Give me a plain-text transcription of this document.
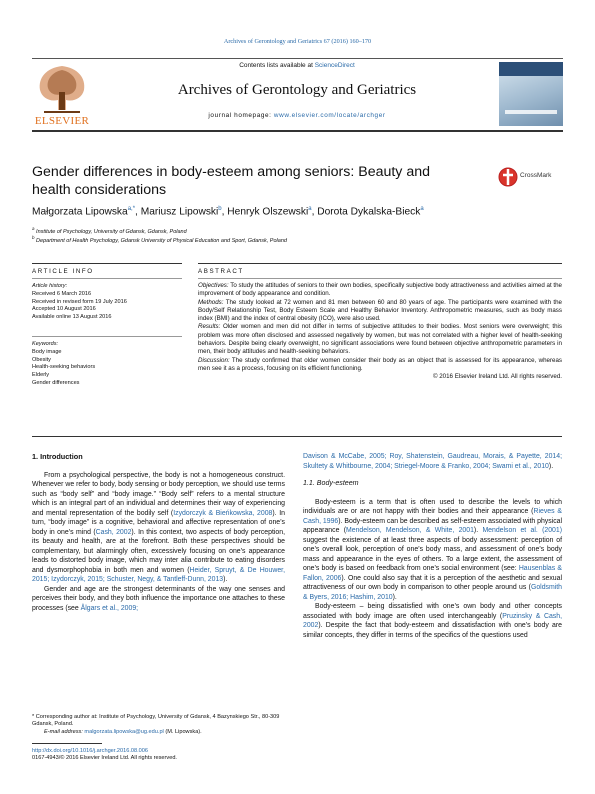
Archives of Gerontology and Geriatrics 67 (2016) 160–170
ELSEVIER
Contents lists available at ScienceDirect
Archives of Gerontology and Geriatrics
journal homepage: www.elsevier.com/locate/archger
Gender differences in body-esteem among seniors: Beauty and health considerations
CrossMark
Małgorzata Lipowska$^{a,*}$, Mariusz Lipowski$^b$, Henryk Olszewski$^a$, Dorota Dykalska-Bieck$^a$
$^a$ Institute of Psychology, University of Gdansk, Gdansk, Poland
$^b$ Department of Health Psychology, Gdansk University of Physical Education and Sport, Gdansk, Poland
ARTICLE INFO	ABSTRACT
Article history:
Received 6 March 2016
Received in revised form 19 July 2016
Accepted 10 August 2016
Available online 13 August 2016
Keywords:
Body image
Obesity
Health-seeking behaviors
Elderly
Gender differences

Objectives: To study the attitudes of seniors to their own bodies, specifically subjective body attractiveness and activities aimed at the improvement of body appearance and condition.

Methods: The study looked at 72 women and 81 men between 60 and 80 years of age. The participants were examined with the Body/Self Relationship Test, Body Esteem Scale and Healthy Behavior Inventory. Anthropometric measures, such as body mass index (BMI) and the index of central obesity (ICO), were also used.

Results: Older women and men did not differ in terms of subjective attitudes to their bodies. Most seniors were overweight; this problem was more often disclosed and assessed negatively by women, but was not correlated with a higher level of health-seeking behaviors. Despite being clearly overweight, no significant associations were found between objective anthropometric parameters in men, their body attitudes and health-seeking behaviors.

Discussion: The study confirmed that older women consider their body as an object that is assessed for its appearance, whereas men see it as a process, focusing on its efficient functioning.

© 2016 Elsevier Ireland Ltd. All rights reserved.

1. Introduction

From a psychological perspective, the body is not a homogeneous construct. Whenever we refer to body, body sensing or body perception, we should use terms such as “body self” and “body image.” “Body self” refers to a mental structure which is an integral part of an individual and determines their way of experiencing and mental representation of the bodily self (Izydorczyk & Bieńkowska, 2008). In turn, “body image” is a cognitive, behavioral and affective representation of one’s body in one’s mind (Cash, 2002). In this context, two aspects of body perception, its beauty and health, are at the forefront. Both these perspectives should be complementary, but alarmingly often, excessively focusing on one’s appearance leads to distorted body image, which may inter alia contribute to eating disorders and dysmorphophobia in both men and women (Heider, Spruyt, & De Houwer, 2015; Izydorczyk, 2015; Schuster, Negy, & Tantleff-Dunn, 2013).

Gender and age are the strongest determinants of the way one senses and perceives their body, and they both influence the importance one attaches to these processes (see Ålgars et al., 2009;

Davison & McCabe, 2005; Roy, Shatenstein, Gaudreau, Morais, & Payette, 2014; Skultety & Whitbourne, 2004; Striegel-Moore & Franko, 2004; Swami et al., 2010).

1.1. Body-esteem

Body-esteem is a term that is often used to describe the levels to which individuals are or are not happy with their bodies and their appearance (Rieves & Cash, 1996). Body-esteem can be described as self-esteem associated with physical appearance (Mendelson, Mendelson, & White, 2001). Mendelson et al. (2001) suggest the existence of at least three aspects of body assessment: perception of one’s overall look, perception of one’s body mass, and assessment of one’s body mass and appearance in the eyes of others. To a large extent, the assessment of one’s body is based on feedback from one’s social environment (see: Hausenblas & Fallon, 2006). One could also say that it is a perception of the aesthetic and sexual attractiveness of our own body in comparison to other people around us (Goldsmith & Byers, 2016; Hashim, 2010).

Body-esteem – being dissatisfied with one’s own body and other concepts associated with body image are often used interchangeably (Pruzinsky & Cash, 2002). Despite the fact that body-esteem and dissatisfaction with one’s body are similar concepts, they differ in terms of the specifics of the questions used

* Corresponding author at: Institute of Psychology, University of Gdansk, 4 Bazynskiego Str., 80-309 Gdansk, Poland.
E-mail address: malgorzata.lipowska@ug.edu.pl (M. Lipowska).
http://dx.doi.org/10.1016/j.archger.2016.08.006
0167-4943/© 2016 Elsevier Ireland Ltd. All rights reserved.
